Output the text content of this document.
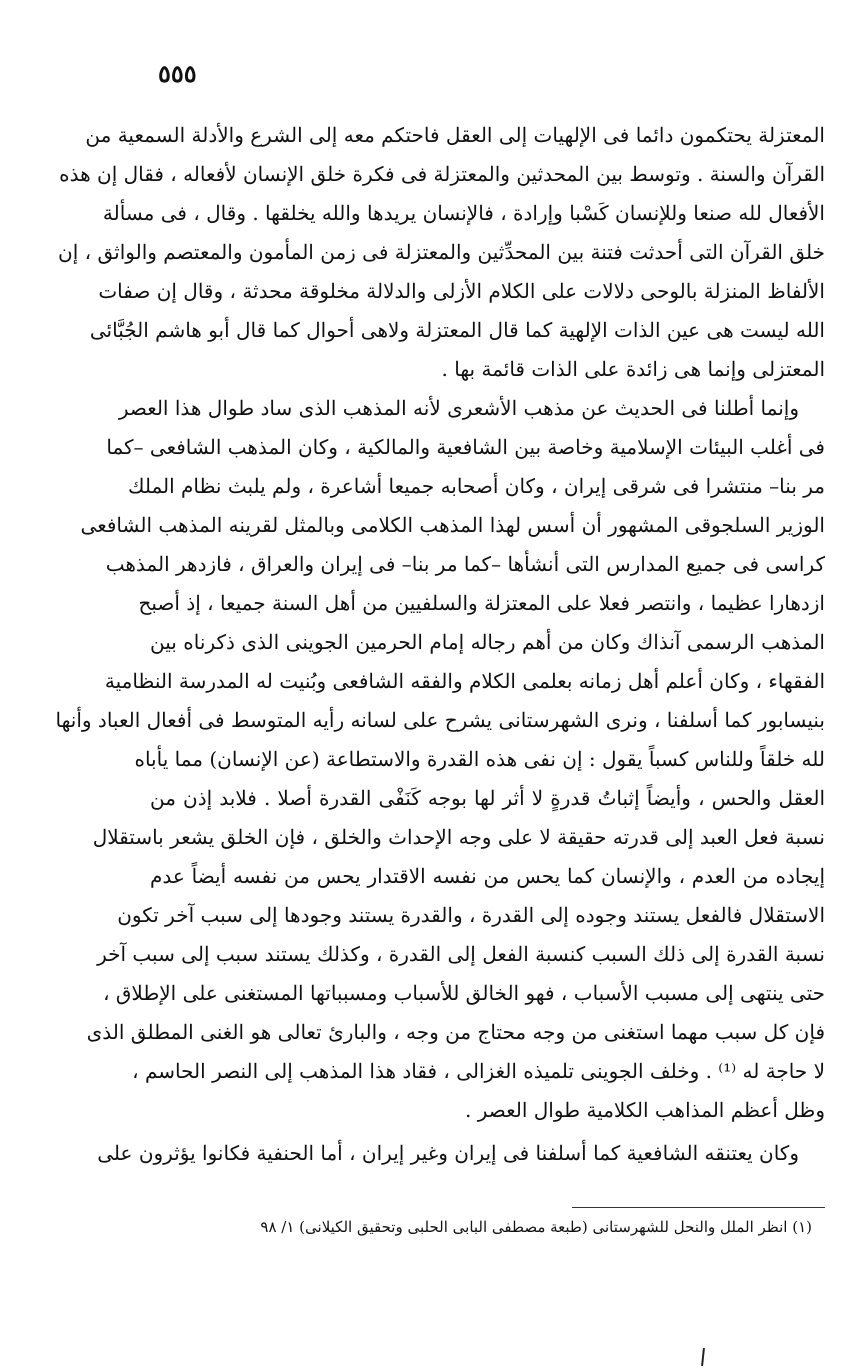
٥٥٥
المعتزلة يحتكمون دائما فى الإلهيات إلى العقل فاحتكم معه إلى الشرع والأدلة السمعية من
القرآن والسنة . وتوسط بين المحدثين والمعتزلة فى فكرة خلق الإنسان لأفعاله ، فقال إن هذه
الأفعال لله صنعا وللإنسان كَسْبا وإرادة ، فالإنسان يريدها والله يخلقها . وقال ، فى مسألة
خلق القرآن التى أحدثت فتنة بين المحدِّثين والمعتزلة فى زمن المأمون والمعتصم والواثق ، إن
الألفاظ المنزلة بالوحى دلالات على الكلام الأزلى والدلالة مخلوقة محدثة ، وقال إن صفات
الله ليست هى عين الذات الإلهية كما قال المعتزلة ولاهى أحوال كما قال أبو هاشم الجُبَّائى
المعتزلى وإنما هى زائدة على الذات قائمة بها .
وإنما أطلنا فى الحديث عن مذهب الأشعرى لأنه المذهب الذى ساد طوال هذا العصر
فى أغلب البيئات الإسلامية وخاصة بين الشافعية والمالكية ، وكان المذهب الشافعى –كما
مر بنا– منتشرا فى شرقى إيران ، وكان أصحابه جميعا أشاعرة ، ولم يلبث نظام الملك
الوزير السلجوقى المشهور أن أسس لهذا المذهب الكلامى وبالمثل لقرينه المذهب الشافعى
كراسى فى جميع المدارس التى أنشأها –كما مر بنا– فى إيران والعراق ، فازدهر المذهب
ازدهارا عظيما ، وانتصر فعلا على المعتزلة والسلفيين من أهل السنة جميعا ، إذ أصبح
المذهب الرسمى آنذاك وكان من أهم رجاله إمام الحرمين الجوينى الذى ذكرناه بين
الفقهاء ، وكان أعلم أهل زمانه بعلمى الكلام والفقه الشافعى وبُنيت له المدرسة النظامية
بنيسابور كما أسلفنا ، ونرى الشهرستانى يشرح على لسانه رأيه المتوسط فى أفعال العباد وأنها
لله خلقاً وللناس كسباً يقول : إن نفى هذه القدرة والاستطاعة (عن الإنسان) مما يأباه
العقل والحس ، وأيضاً إثباتُ قدرةٍ لا أثر لها بوجه كَنَفْى القدرة أصلا . فلابد إذن من
نسبة فعل العبد إلى قدرته حقيقة لا على وجه الإحداث والخلق ، فإن الخلق يشعر باستقلال
إيجاده من العدم ، والإنسان كما يحس من نفسه الاقتدار يحس من نفسه أيضاً عدم
الاستقلال فالفعل يستند وجوده إلى القدرة ، والقدرة يستند وجودها إلى سبب آخر تكون
نسبة القدرة إلى ذلك السبب كنسبة الفعل إلى القدرة ، وكذلك يستند سبب إلى سبب آخر
حتى ينتهى إلى مسبب الأسباب ، فهو الخالق للأسباب ومسبباتها المستغنى على الإطلاق ،
فإن كل سبب مهما استغنى من وجه محتاج من وجه ، والبارئ تعالى هو الغنى المطلق الذى
لا حاجة له ⁽¹⁾ . وخلف الجوينى تلميذه الغزالى ، فقاد هذا المذهب إلى النصر الحاسم ،
وظل أعظم المذاهب الكلامية طوال العصر .
وكان يعتنقه الشافعية كما أسلفنا فى إيران وغير إيران ، أما الحنفية فكانوا يؤثرون على
(١) انظر الملل والنحل للشهرستانى (طبعة مصطفى البابى الحلبى وتحقيق الكيلانى) ١/ ٩٨
